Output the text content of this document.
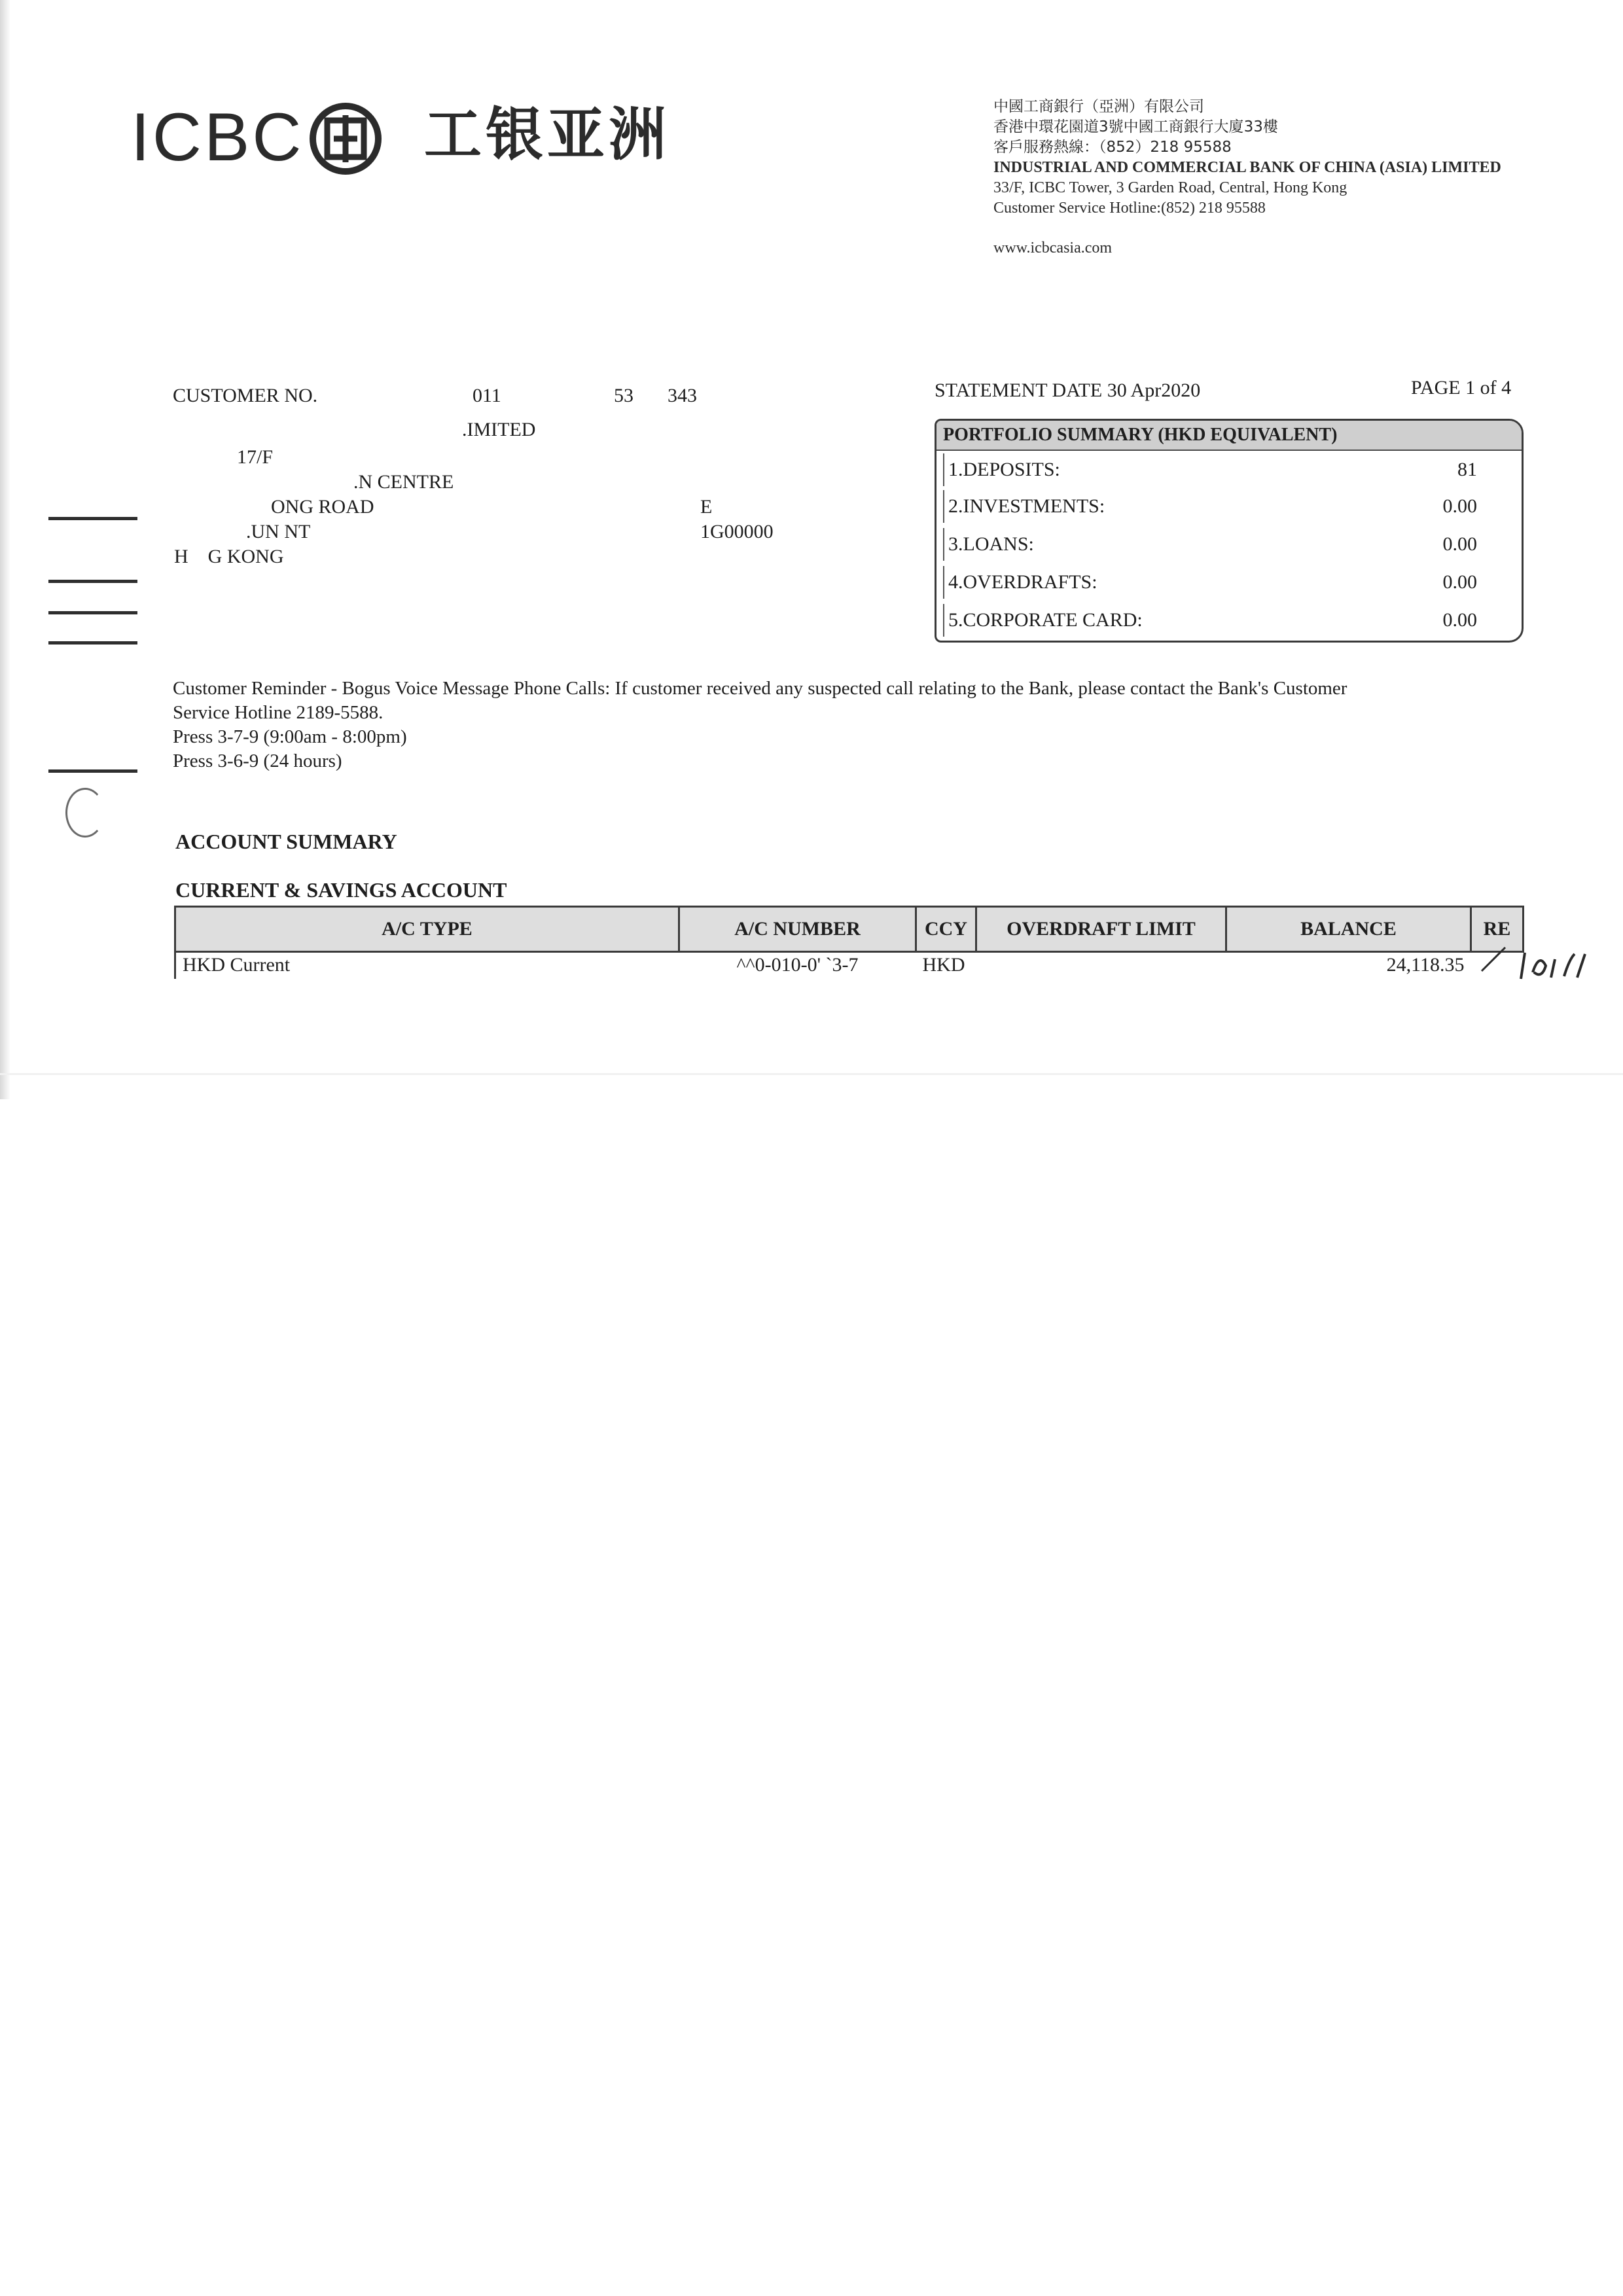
ICBC 工银亚洲	中國工商銀行（亞洲）有限公司
香港中環花園道3號中國工商銀行大廈33樓
客戶服務熱線：（852）218 95588
INDUSTRIAL AND COMMERCIAL BANK OF CHINA (ASIA) LIMITED
33/F, ICBC Tower, 3 Garden Road, Central, Hong Kong
Customer Service Hotline:(852) 218 95588
www.icbcasia.com
CUSTOMER NO.	011	53 343
.IMITED
17/F
.N CENTRE
ONG ROAD
.UN NT
H    G KONG
E
1G00000
STATEMENT DATE 30 Apr2020	PAGE 1 of 4
PORTFOLIO SUMMARY (HKD EQUIVALENT)
1.DEPOSITS:	81
2.INVESTMENTS:	0.00
3.LOANS:	0.00
4.OVERDRAFTS:	0.00
5.CORPORATE CARD:	0.00
Customer Reminder - Bogus Voice Message Phone Calls: If customer received any suspected call relating to the Bank, please contact the Bank's Customer
Service Hotline 2189-5588.
Press 3-7-9 (9:00am - 8:00pm)
Press 3-6-9 (24 hours)
ACCOUNT SUMMARY
CURRENT & SAVINGS ACCOUNT
A/C TYPE	A/C NUMBER	CCY	OVERDRAFT LIMIT	BALANCE	RE
HKD Current	^^0-010-0' `3-7	HKD		24,118.35	
